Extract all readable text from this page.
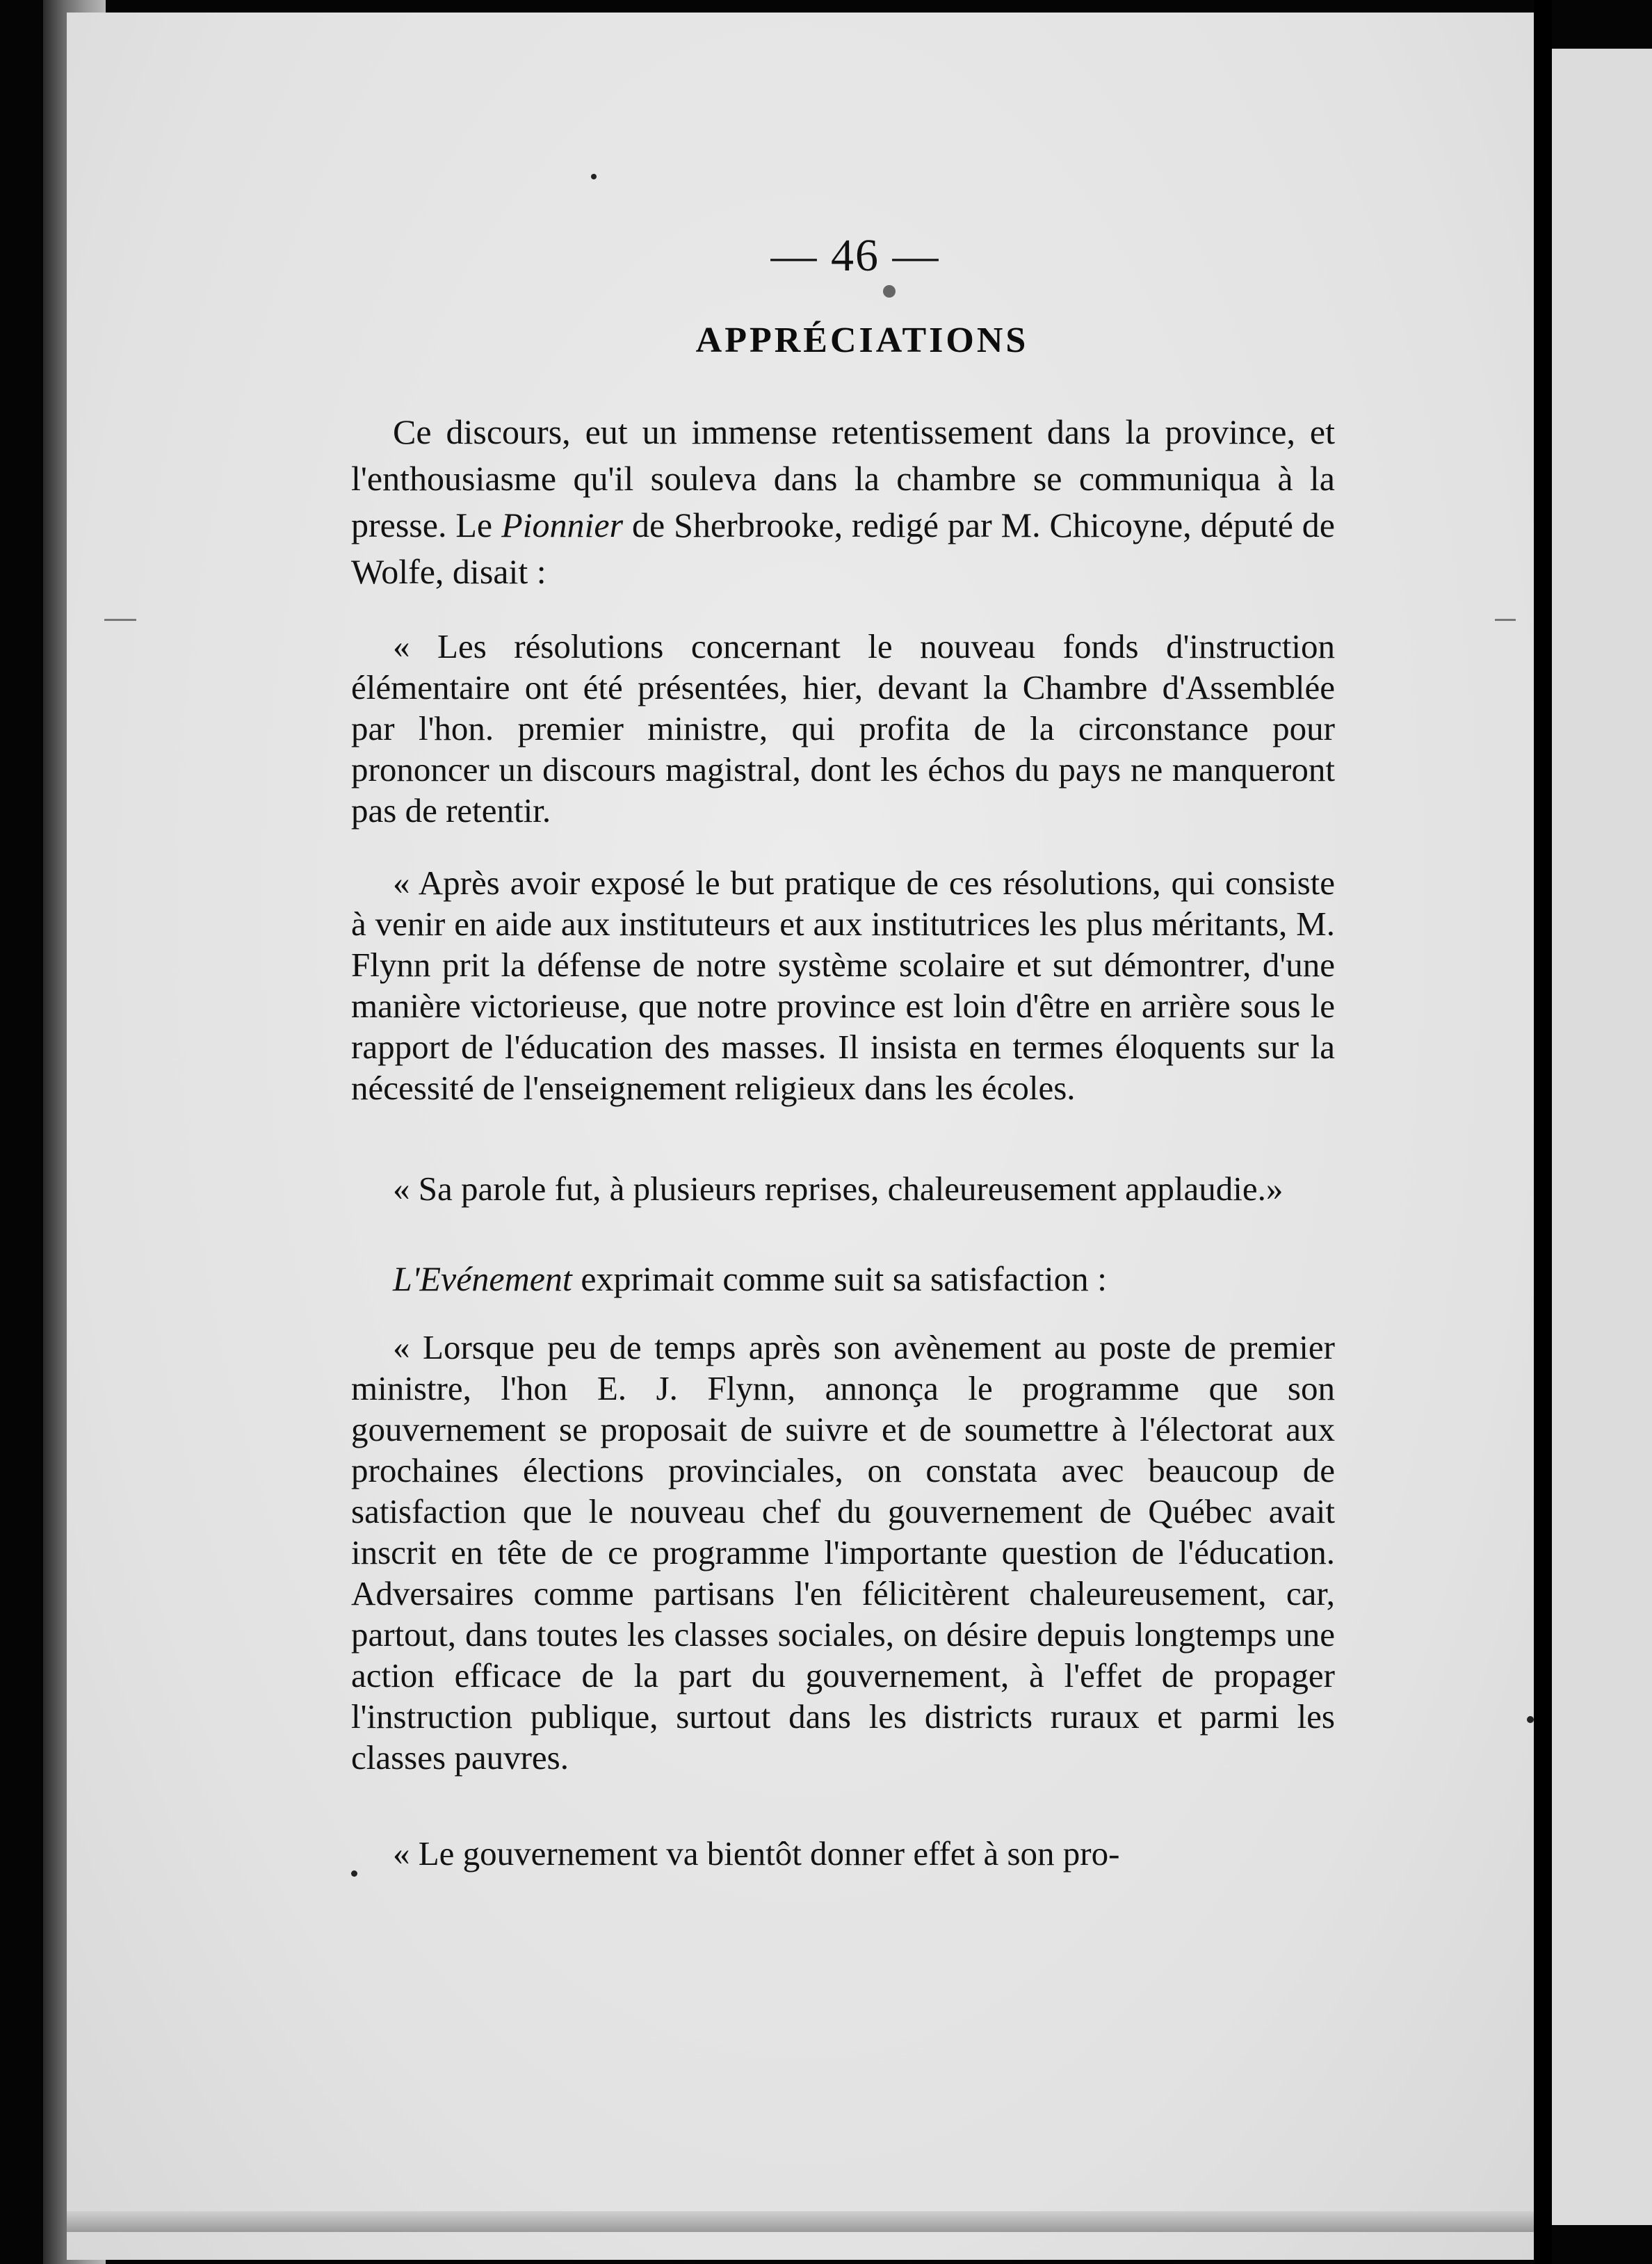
— 46 —
APPRÉCIATIONS

Ce discours, eut un immense retentissement dans la province, et l'enthousiasme qu'il souleva dans la chambre se communiqua à la presse. Le Pionnier de Sherbrooke, redigé par M. Chicoyne, député de Wolfe, disait :

« Les résolutions concernant le nouveau fonds d'instruction élémentaire ont été présentées, hier, devant la Chambre d'Assemblée par l'hon. premier ministre, qui profita de la circonstance pour prononcer un discours magistral, dont les échos du pays ne manqueront pas de retentir.

« Après avoir exposé le but pratique de ces résolutions, qui consiste à venir en aide aux instituteurs et aux institutrices les plus méritants, M. Flynn prit la défense de notre système scolaire et sut démontrer, d'une manière victorieuse, que notre province est loin d'être en arrière sous le rapport de l'éducation des masses. Il insista en termes éloquents sur la nécessité de l'enseignement religieux dans les écoles.

« Sa parole fut, à plusieurs reprises, chaleureusement applaudie.»

L'Evénement exprimait comme suit sa satisfaction :

« Lorsque peu de temps après son avènement au poste de premier ministre, l'hon E. J. Flynn, annonça le programme que son gouvernement se proposait de suivre et de soumettre à l'électorat aux prochaines élections provinciales, on constata avec beaucoup de satisfaction que le nouveau chef du gouvernement de Québec avait inscrit en tête de ce programme l'importante question de l'éducation. Adversaires comme partisans l'en félicitèrent chaleureusement, car, partout, dans toutes les classes sociales, on désire depuis longtemps une action efficace de la part du gouvernement, à l'effet de propager l'instruction publique, surtout dans les districts ruraux et parmi les classes pauvres.

« Le gouvernement va bientôt donner effet à son pro-
